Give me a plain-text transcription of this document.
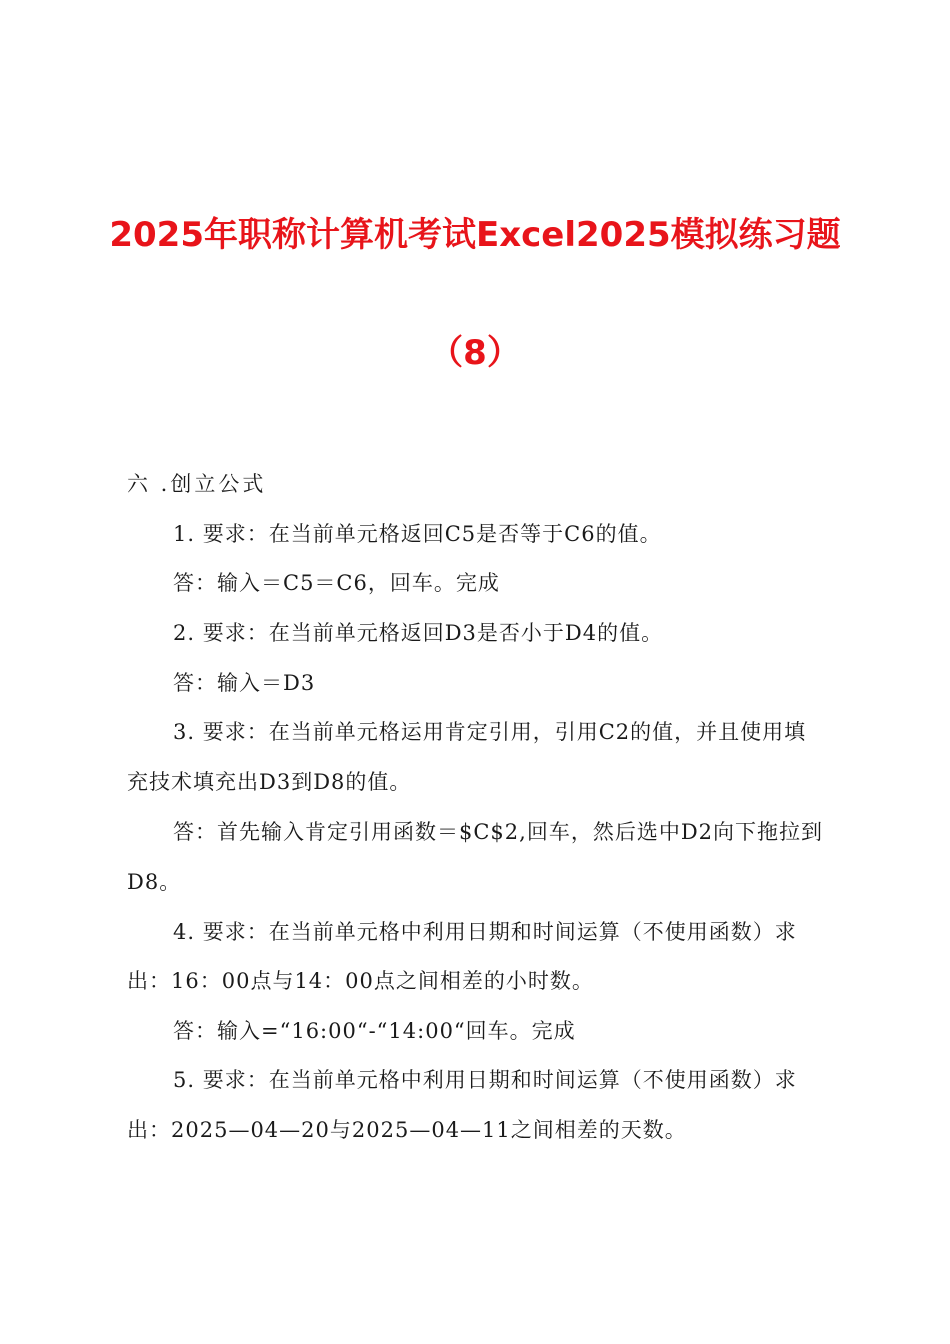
2025年职称计算机考试Excel2025模拟练习题
（8）
六 .创立公式
1. 要求：在当前单元格返回C5是否等于C6的值。
答：输入＝C5＝C6，回车。完成
2. 要求：在当前单元格返回D3是否小于D4的值。
答：输入＝D3
3. 要求：在当前单元格运用肯定引用，引用C2的值，并且使用填
充技术填充出D3到D8的值。
答：首先输入肯定引用函数＝$C$2,回车，然后选中D2向下拖拉到
D8。
4. 要求：在当前单元格中利用日期和时间运算（不使用函数）求
出：16：00点与14：00点之间相差的小时数。
答：输入=“16:00“-“14:00“回车。完成
5. 要求：在当前单元格中利用日期和时间运算（不使用函数）求
出：2025—04—20与2025—04—11之间相差的天数。
